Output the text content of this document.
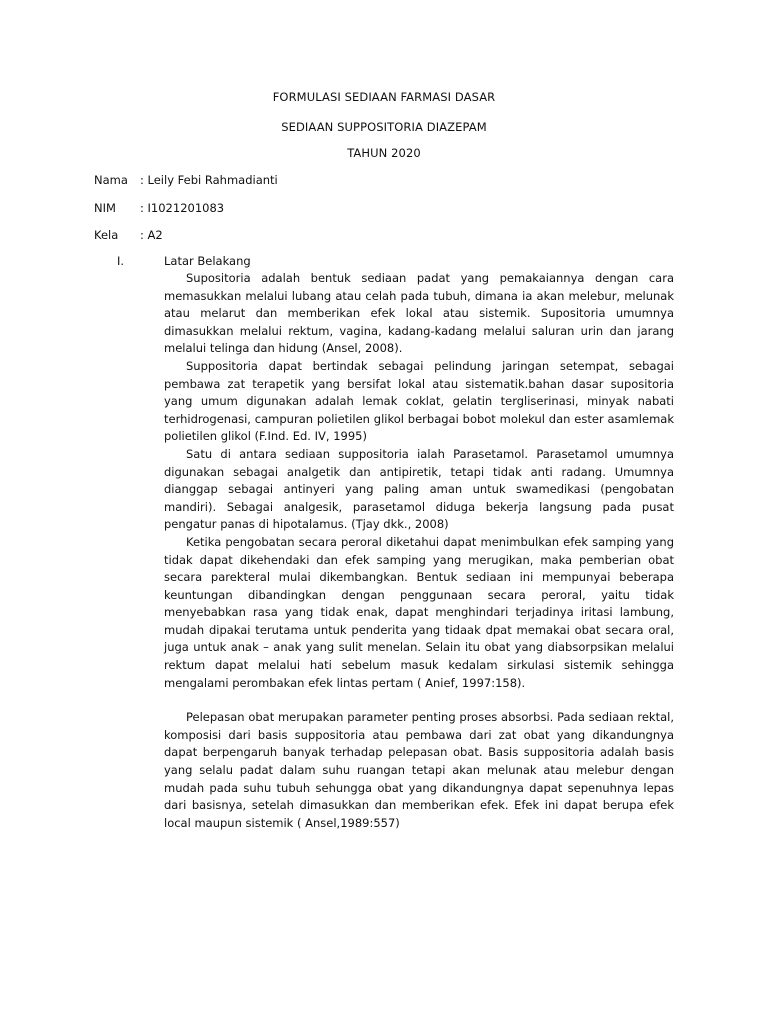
FORMULASI SEDIAAN FARMASI DASAR
SEDIAAN SUPPOSITORIA DIAZEPAM
TAHUN 2020
Nama	: Leily Febi Rahmadianti
NIM	: I1021201083
Kela	: A2
I.	Latar Belakang

Supositoria adalah bentuk sediaan padat yang pemakaiannya dengan cara memasukkan melalui lubang atau celah pada tubuh, dimana ia akan melebur, melunak atau melarut dan memberikan efek lokal atau sistemik. Supositoria umumnya dimasukkan melalui rektum, vagina, kadang-kadang melalui saluran urin dan jarang melalui telinga dan hidung (Ansel, 2008).

Suppositoria dapat bertindak sebagai pelindung jaringan setempat, sebagai pembawa zat terapetik yang bersifat lokal atau sistematik.bahan dasar supositoria yang umum digunakan adalah lemak coklat, gelatin tergliserinasi, minyak nabati terhidrogenasi, campuran polietilen glikol berbagai bobot molekul dan ester asamlemak polietilen glikol (F.Ind. Ed. IV, 1995)

Satu di antara sediaan suppositoria ialah Parasetamol. Parasetamol umumnya digunakan sebagai analgetik dan antipiretik, tetapi tidak anti radang. Umumnya dianggap sebagai antinyeri yang paling aman untuk swamedikasi (pengobatan mandiri). Sebagai analgesik, parasetamol diduga bekerja langsung pada pusat pengatur panas di hipotalamus. (Tjay dkk., 2008)

Ketika pengobatan secara peroral diketahui dapat menimbulkan efek samping yang tidak dapat dikehendaki dan efek samping yang merugikan, maka pemberian obat secara parekteral mulai dikembangkan. Bentuk sediaan ini mempunyai beberapa keuntungan dibandingkan dengan penggunaan secara peroral, yaitu tidak menyebabkan rasa yang tidak enak, dapat menghindari terjadinya iritasi lambung, mudah dipakai terutama untuk penderita yang tidaak dpat memakai obat secara oral, juga untuk anak – anak yang sulit menelan. Selain itu obat yang diabsorpsikan melalui rektum dapat melalui hati sebelum masuk kedalam sirkulasi sistemik sehingga mengalami perombakan efek lintas pertam ( Anief, 1997:158).

Pelepasan obat merupakan parameter penting proses absorbsi. Pada sediaan rektal, komposisi dari basis suppositoria atau pembawa dari zat obat yang dikandungnya dapat berpengaruh banyak terhadap pelepasan obat. Basis suppositoria adalah basis yang selalu padat dalam suhu ruangan tetapi akan melunak atau melebur dengan mudah pada suhu tubuh sehungga obat yang dikandungnya dapat sepenuhnya lepas dari basisnya, setelah dimasukkan dan memberikan efek. Efek ini dapat berupa efek local maupun sistemik ( Ansel,1989:557)
